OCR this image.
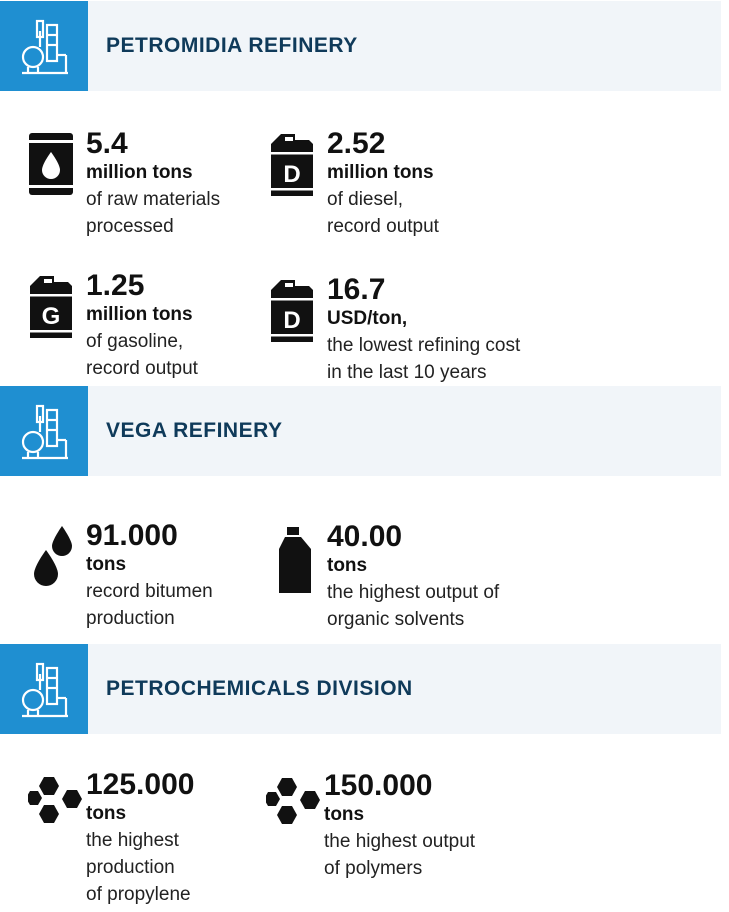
PETROMIDIA REFINERY
5.4
million tons
of raw materials
processed
D
2.52
million tons
of diesel,
record output
G
1.25
million tons
of gasoline,
record output
D
16.7
USD/ton,
the lowest refining cost
in the last 10 years
VEGA REFINERY
91.000
tons
record bitumen
production
40.00
tons
the highest output of
organic solvents
PETROCHEMICALS DIVISION
125.000
tons
the highest
production
of propylene
150.000
tons
the highest output
of polymers
